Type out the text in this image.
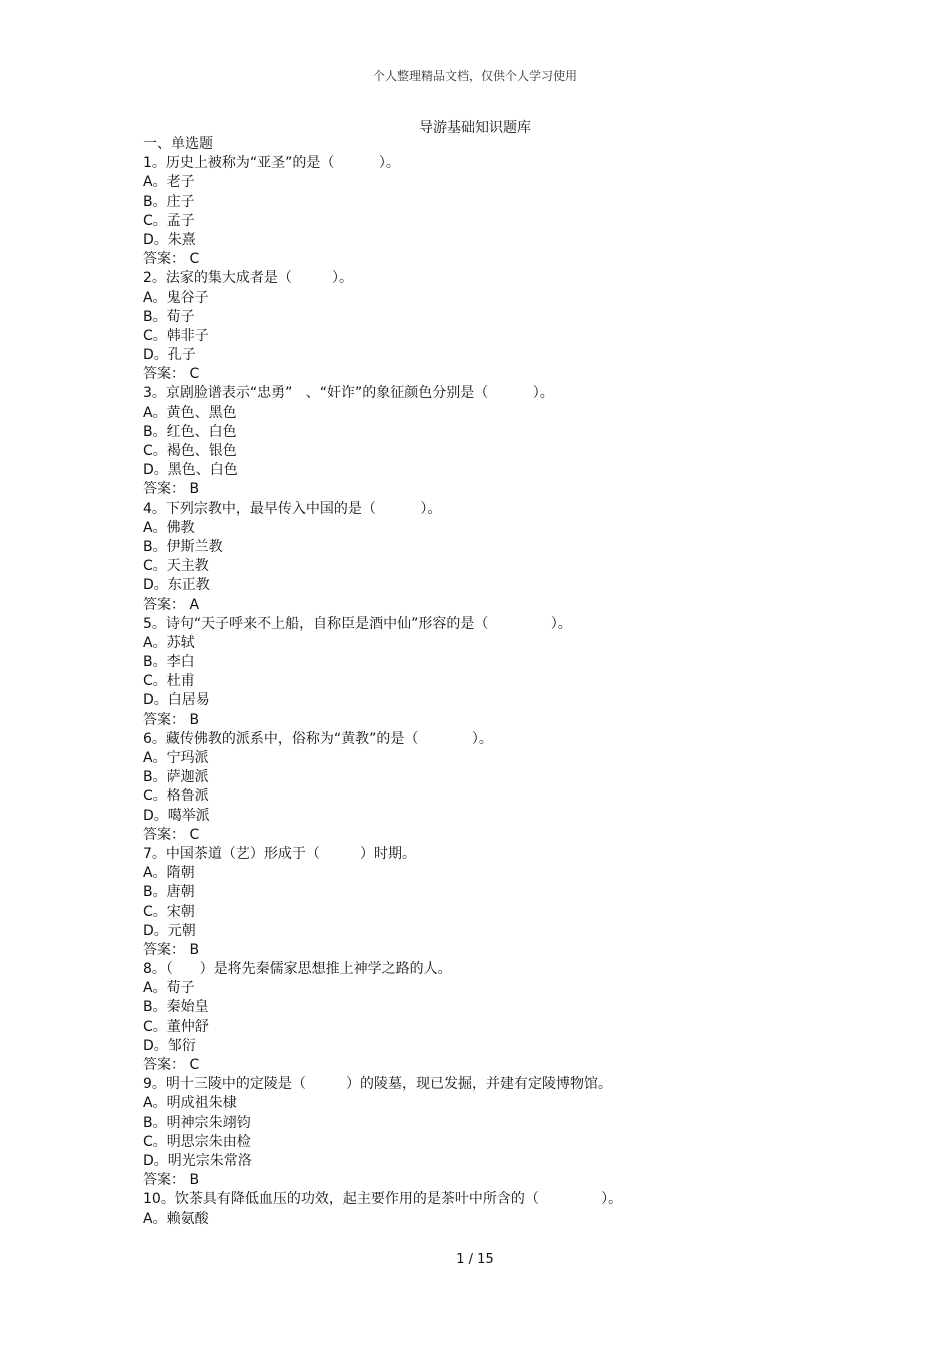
个人整理精品文档，仅供个人学习使用
导游基础知识题库
一、单选题
1。历史上被称为“亚圣”的是（          ）。
A。老子
B。庄子
C。孟子
D。朱熹
答案： C
2。法家的集大成者是（         ）。
A。鬼谷子
B。荀子
C。韩非子
D。孔子
答案： C
3。京剧脸谱表示“忠勇”   、“奸诈”的象征颜色分别是（          ）。
A。黄色、黑色
B。红色、白色
C。褐色、银色
D。黑色、白色
答案： B
4。下列宗教中，最早传入中国的是（          ）。
A。佛教
B。伊斯兰教
C。天主教
D。东正教
答案： A
5。诗句“天子呼来不上船，自称臣是酒中仙”形容的是（              ）。
A。苏轼
B。李白
C。杜甫
D。白居易
答案： B
6。藏传佛教的派系中，俗称为“黄教”的是（            ）。
A。宁玛派
B。萨迦派
C。格鲁派
D。噶举派
答案： C
7。中国茶道（艺）形成于（         ）时期。
A。隋朝
B。唐朝
C。宋朝
D。元朝
答案： B
8。（      ）是将先秦儒家思想推上神学之路的人。
A。荀子
B。秦始皇
C。董仲舒
D。邹衍
答案： C
9。明十三陵中的定陵是（         ）的陵墓，现已发掘，并建有定陵博物馆。
A。明成祖朱棣
B。明神宗朱翊钧
C。明思宗朱由检
D。明光宗朱常洛
答案： B
10。饮茶具有降低血压的功效，起主要作用的是茶叶中所含的（              ）。
A。赖氨酸
1 / 15
